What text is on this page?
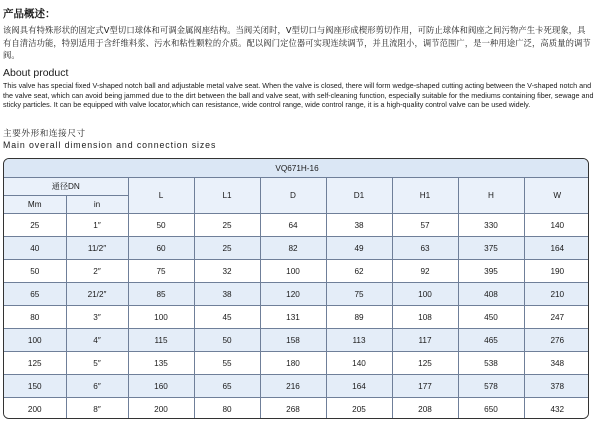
产品概述：
该阀具有特殊形状的固定式V型切口球体和可调金属阀座结构。当阀关闭时，V型切口与阀座形成楔形剪切作用，可防止球体和阀座之间污物产生卡死现象，具有自清洁功能，特别适用于含纤维料浆、污水和粘性颗粒的介质。配以阀门定位器可实现连续调节，并且流阻小，调节范围广，是一种用途广泛，高质量的调节阀。
About product
This valve has special fixed V-shaped notch ball and adjustable metal valve seat. When the valve is closed, there will form wedge-shaped cutting acting between the V-shaped notch and the valve seat, which can avoid being jammed due to the dirt between the ball and valve seat, with self-cleaning function, especially suitable for the mediums containing fiber, sewage and sticky particles. It can be equipped with valve locator,which can resistance, wide control range, wide control range, it is a high-quality control valve can be used widely.
主要外形和连接尺寸
Main overall dimension and connection sizes
VQ671H-16								
通径DN		L	L1	D	D1	H1	H	W
Mm	in							
25	1″	50	25	64	38	57	330	140
40	11/2″	60	25	82	49	63	375	164
50	2″	75	32	100	62	92	395	190
65	21/2″	85	38	120	75	100	408	210
80	3″	100	45	131	89	108	450	247
100	4″	115	50	158	113	117	465	276
125	5″	135	55	180	140	125	538	348
150	6″	160	65	216	164	177	578	378
200	8″	200	80	268	205	208	650	432
